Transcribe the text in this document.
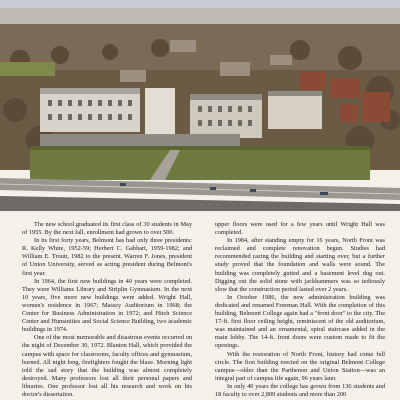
The new school graduated its first class of 30 students in May of 1955. By the next fall, enrollment had grown to over 500.

In its first forty years, Belmont has had only three presidents: R. Kelly White, 1952-59; Herbert C. Gabhart, 1959-1982; and William E. Troutt, 1982 to the present. Warren F. Jones, president of Union University, served as acting president during Belmont's first year.

In 1964, the first new buildings in 40 years were completed. They were Williams Library and Striplin Gymnasium. In the next 10 years, five more new buildings were added. Wright Hall, women's residence in 1967; Massey Auditorium in 1968; the Center for Business Administration in 1972; and Hitch Science Center and Humanities and Social Science Building, two academic buildings in 1974.

One of the most memorable and disastrous events occurred on the night of December 30, 1972. Blanton Hall, which provided the campus with space for classrooms, faculty offices and gymnasium, burned. All night long, firefighters fought the blaze. Morning light told the sad story that the building was almost completely destroyed. Many professors lost all their personal papers and libraries. One professor lost all his research and work on his doctor's dissertation.

upper floors were used for a few years until Wright Hall was completed.

In 1984, after standing empty for 16 years, North Front was reclaimed and complete renovation begun. Studies had recommended razing the building and starting over, but a further study proved that the foundation and walls were sound. The building was completely gutted and a basement level dug out. Digging out the solid stone with jackhammers was so tediously slow that the construction period lasted over 2 years.

In October 1986, the new administration building was dedicated and renamed Freeman Hall. With the completion of this building, Belmont College again had a "front door" to the city. The 17-ft. first floor ceiling height, reminiscent of the old auditorium, was maintained and an ornamental, spiral staircase added in the main lobby. The 14-ft. front doors were custom made to fit the openings.

With the restoration of North Front, history had come full circle. The first building erected on the original Belmont College campus—older than the Parthenon and Union Station—was an integral part of campus life again, 96 years later.

In only 40 years the college has grown from 136 students and 18 faculty to over 2,800 students and more than 200
